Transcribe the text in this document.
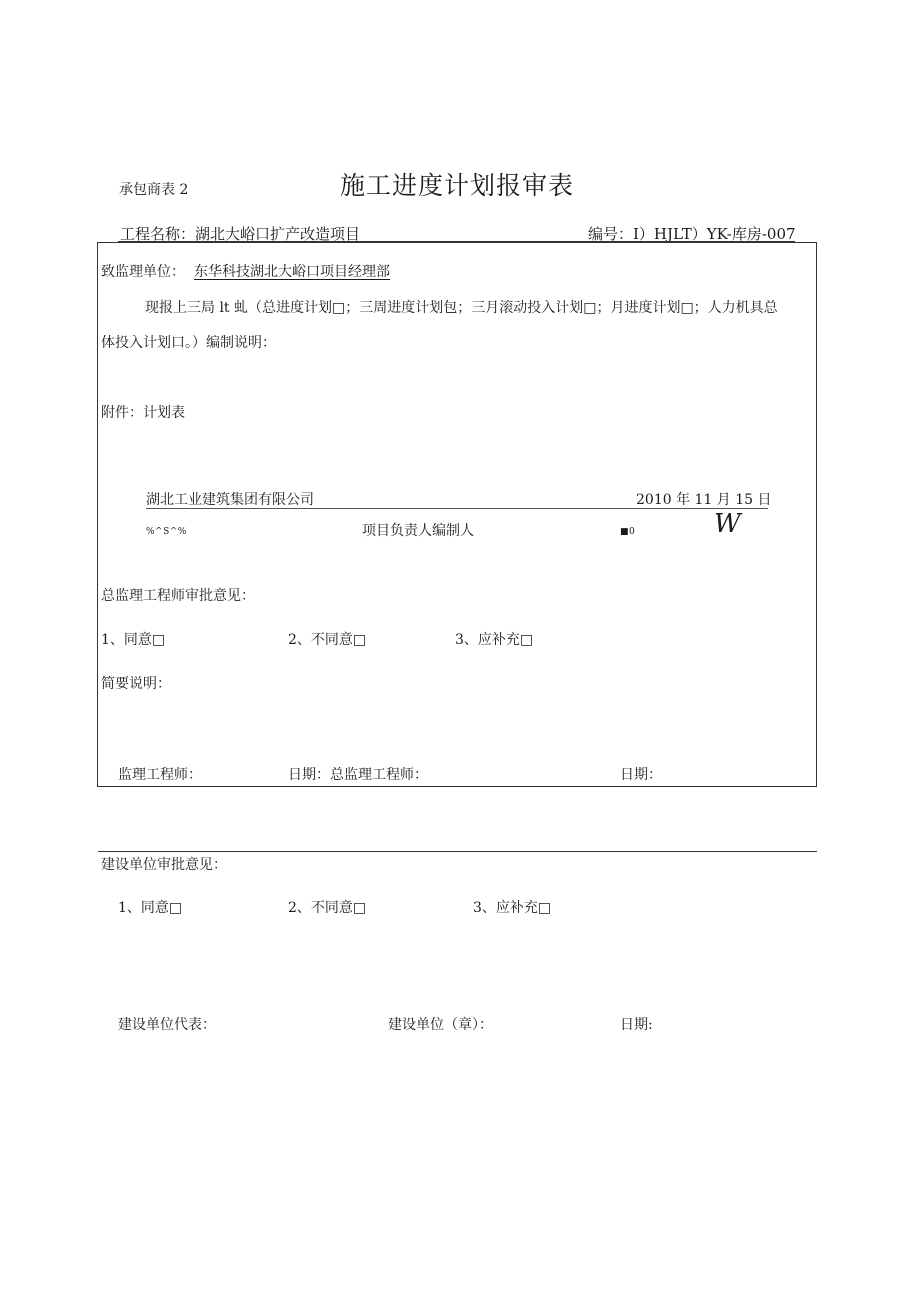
承包商表 2	施工进度计划报审表
工程名称：湖北大峪口扩产改造项目	编号：I）HJLT）YK-库房-007
致监理单位： 东华科技湖北大峪口项目经理部
现报上三局 lt 虬（总进度计划□；三周进度计划包；三月滚动投入计划□；月进度计划□；人力机具总
体投入计划口。）编制说明：
附件：计划表
湖北工业建筑集团有限公司	2010 年 11 月 15 日
%^S^%	项目负责人编制人	■0	W
总监理工程师审批意见：
1、同意□	2、不同意□	3、应补充□
简要说明：
监理工程师：	日期：总监理工程师：	日期：
建设单位审批意见：
1、同意□	2、不同意□	3、应补充□
建设单位代表：	建设单位（章）：	日期:
